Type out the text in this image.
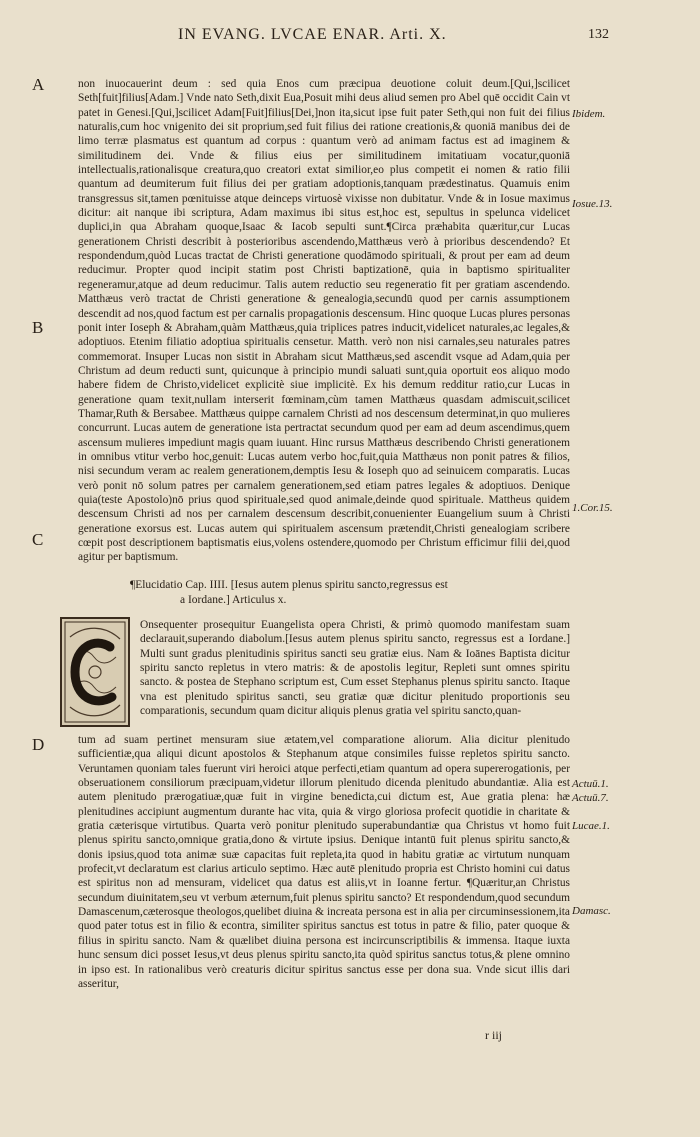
IN EVANG. LVCAE ENAR. Arti. X.	132
A
B
C
D
Ibidem.
Iosue.13.
1.Cor.15.
Actuū.1.
Actuū.7.
Lucae.1.
Damasc.

non inuocauerint deum : sed quia Enos cum præcipua deuotione coluit deum.[Qui,]scilicet Seth[fuit]filius[Adam.] Vnde nato Seth,dixit Eua,Posuit mihi deus aliud semen pro Abel quē occidit Cain vt patet in Genesi.[Qui,]scilicet Adam[Fuit]filius[Dei,]non ita,sicut ipse fuit pater Seth,qui non fuit dei filius naturalis,cum hoc vnigenito dei sit proprium,sed fuit filius dei ratione creationis,& quoniā manibus dei de limo terræ plasmatus est quantum ad corpus : quantum verò ad animam factus est ad imaginem & similitudinem dei. Vnde & filius eius per similitudinem imitatiuam vocatur,quoniā intellectualis,rationalisque creatura,quo creatori extat similior,eo plus competit ei nomen & ratio filii quantum ad deumiterum fuit filius dei per gratiam adoptionis,tanquam prædestinatus. Quamuis enim transgressus sit,tamen pœnituisse atque deinceps virtuosè vixisse non dubitatur. Vnde & in Iosue maximus dicitur: ait nanque ibi scriptura, Adam maximus ibi situs est,hoc est, sepultus in spelunca videlicet duplici,in qua Abraham quoque,Isaac & Iacob sepulti sunt.¶Circa præhabita quæritur,cur Lucas generationem Christi describit à posterioribus ascendendo,Matthæus verò à prioribus descendendo? Et respondendum,quòd Lucas tractat de Christi generatione quodāmodo spirituali, & prout per eam ad deum reducimur. Propter quod incipit statim post Christi baptizationē, quia in baptismo spiritualiter regeneramur,atque ad deum reducimur. Talis autem reductio seu regeneratio fit per gratiam ascendendo. Matthæus verò tractat de Christi generatione & genealogia,secundū quod per carnis assumptionem descendit ad nos,quod factum est per carnalis propagationis descensum. Hinc quoque Lucas plures personas ponit inter Ioseph & Abraham,quàm Matthæus,quia triplices patres inducit,videlicet naturales,ac legales,& adoptiuos. Etenim filiatio adoptiua spiritualis censetur. Matth. verò non nisi carnales,seu naturales patres commemorat. Insuper Lucas non sistit in Abraham sicut Matthæus,sed ascendit vsque ad Adam,quia per Christum ad deum reducti sunt, quicunque à principio mundi saluati sunt,quia oportuit eos aliquo modo habere fidem de Christo,videlicet explicitè siue implicitè. Ex his demum redditur ratio,cur Lucas in generatione quam texit,nullam interserit fœminam,cùm tamen Matthæus quasdam admiscuit,scilicet Thamar,Ruth & Bersabee. Matthæus quippe carnalem Christi ad nos descensum determinat,in quo mulieres concurrunt. Lucas autem de generatione ista pertractat secundum quod per eam ad deum ascendimus,quem ascensum mulieres impediunt magis quam iuuant. Hinc rursus Matthæus describendo Christi generationem in omnibus vtitur verbo hoc,genuit: Lucas autem verbo hoc,fuit,quia Matthæus non ponit patres & filios, nisi secundum veram ac realem generationem,demptis Iesu & Ioseph quo ad seinuicem comparatis. Lucas verò ponit nō solum patres per carnalem generationem,sed etiam patres legales & adoptiuos. Denique quia(teste Apostolo)nō prius quod spirituale,sed quod animale,deinde quod spirituale. Mattheus quidem descensum Christi ad nos per carnalem descensum describit,conuenienter Euangelium suum à Christi generatione exorsus est. Lucas autem qui spiritualem ascensum prætendit,Christi genealogiam scribere cœpit post descriptionem baptismatis eius,volens ostendere,quomodo per Christum efficimur filii dei,quod agitur per baptismum.

¶Elucidatio Cap. IIII. [Iesus autem plenus spiritu sancto,regressus est
a Iordane.] Articulus x.

Onsequenter prosequitur Euangelista opera Christi, & primò quomodo manifestam suam declarauit,superando diabolum.[Iesus autem plenus spiritu sancto, regressus est a Iordane.] Multi sunt gradus plenitudinis spiritus sancti seu gratiæ eius. Nam & Ioānes Baptista dicitur spiritu sancto repletus in vtero matris: & de apostolis legitur, Repleti sunt omnes spiritu sancto. & postea de Stephano scriptum est, Cum esset Stephanus plenus spiritu sancto. Itaque vna est plenitudo spiritus sancti, seu gratiæ quæ dicitur plenitudo proportionis seu comparationis, secundum quam dicitur aliquis plenus gratia vel spiritu sancto,quan-

tum ad suam pertinet mensuram siue ætatem,vel comparatione aliorum. Alia dicitur plenitudo sufficientiæ,qua aliqui dicunt apostolos & Stephanum atque consimiles fuisse repletos spiritu sancto. Veruntamen quoniam tales fuerunt viri heroici atque perfecti,etiam quantum ad opera supererogationis, per obseruationem consiliorum præcipuam,videtur illorum plenitudo dicenda plenitudo abundantiæ. Alia est autem plenitudo prærogatiuæ,quæ fuit in virgine benedicta,cui dictum est, Aue gratia plena: hæ plenitudines accipiunt augmentum durante hac vita, quia & virgo gloriosa profecit quotidie in charitate & gratia cæterisque virtutibus. Quarta verò ponitur plenitudo superabundantiæ qua Christus vt homo fuit plenus spiritu sancto,omnique gratia,dono & virtute ipsius. Denique intantū fuit plenus spiritu sancto,& donis ipsius,quod tota animæ suæ capacitas fuit repleta,ita quod in habitu gratiæ ac virtutum nunquam profecit,vt declaratum est clarius articulo septimo. Hæc autē plenitudo propria est Christo homini cui datus est spiritus non ad mensuram, videlicet qua datus est aliis,vt in Ioanne fertur. ¶Quæritur,an Christus secundum diuinitatem,seu vt verbum æternum,fuit plenus spiritu sancto? Et respondendum,quod secundum Damascenum,cæterosque theologos,quelibet diuina & increata persona est in alia per circuminsessionem,ita quod pater totus est in filio & econtra, similiter spiritus sanctus est totus in patre & filio, pater quoque & filius in spiritu sancto. Nam & quælibet diuina persona est incircunscriptibilis & immensa. Itaque iuxta hunc sensum dici posset Iesus,vt deus plenus spiritu sancto,ita quòd spiritus sanctus totus,& plene omnino in ipso est. In rationalibus verò creaturis dicitur spiritus sanctus esse per dona sua. Vnde sicut illis dari asseritur,

r iij
